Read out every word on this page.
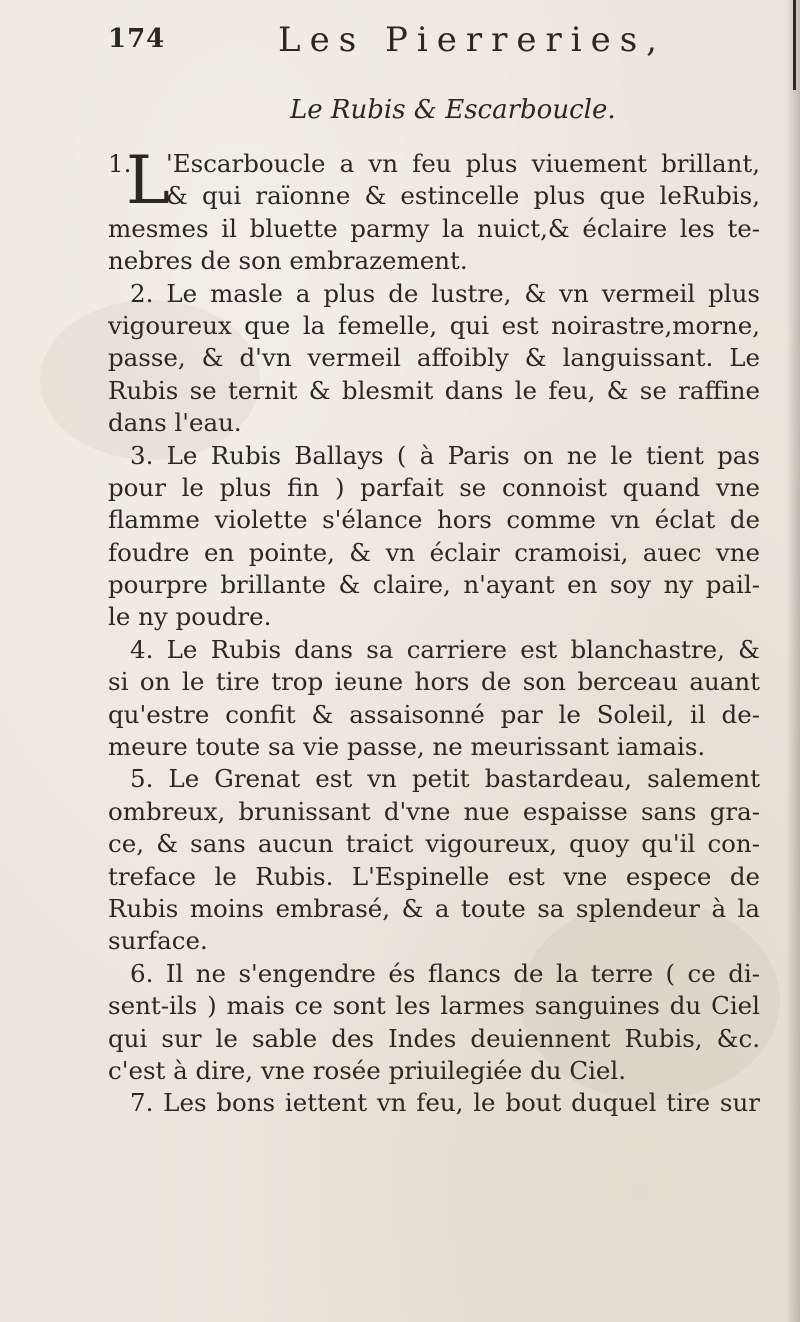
174	Les Pierreries,
Le Rubis & Escarboucle.
1.
L
'Escarboucle a vn feu plus viuement brillant,
& qui raïonne & estincelle plus que leRubis,
mesmes il bluette parmy la nuict,& éclaire les te-
nebres de son embrazement.
2. Le masle a plus de lustre, & vn vermeil plus
vigoureux que la femelle, qui est noirastre,morne,
passe, & d'vn vermeil affoibly & languissant. Le
Rubis se ternit & blesmit dans le feu, & se raffine
dans l'eau.
3. Le Rubis Ballays ( à Paris on ne le tient pas
pour le plus fin ) parfait se connoist quand vne
flamme violette s'élance hors comme vn éclat de
foudre en pointe, & vn éclair cramoisi, auec vne
pourpre brillante & claire, n'ayant en soy ny pail-
le ny poudre.
4. Le Rubis dans sa carriere est blanchastre, &
si on le tire trop ieune hors de son berceau auant
qu'estre confit & assaisonné par le Soleil, il de-
meure toute sa vie passe, ne meurissant iamais.
5. Le Grenat est vn petit bastardeau, salement
ombreux, brunissant d'vne nue espaisse sans gra-
ce, & sans aucun traict vigoureux, quoy qu'il con-
treface le Rubis. L'Espinelle est vne espece de
Rubis moins embrasé, & a toute sa splendeur à la
surface.
6. Il ne s'engendre és flancs de la terre ( ce di-
sent-ils ) mais ce sont les larmes sanguines du Ciel
qui sur le sable des Indes deuiennent Rubis, &c.
c'est à dire, vne rosée priuilegiée du Ciel.
7. Les bons iettent vn feu, le bout duquel tire sur
